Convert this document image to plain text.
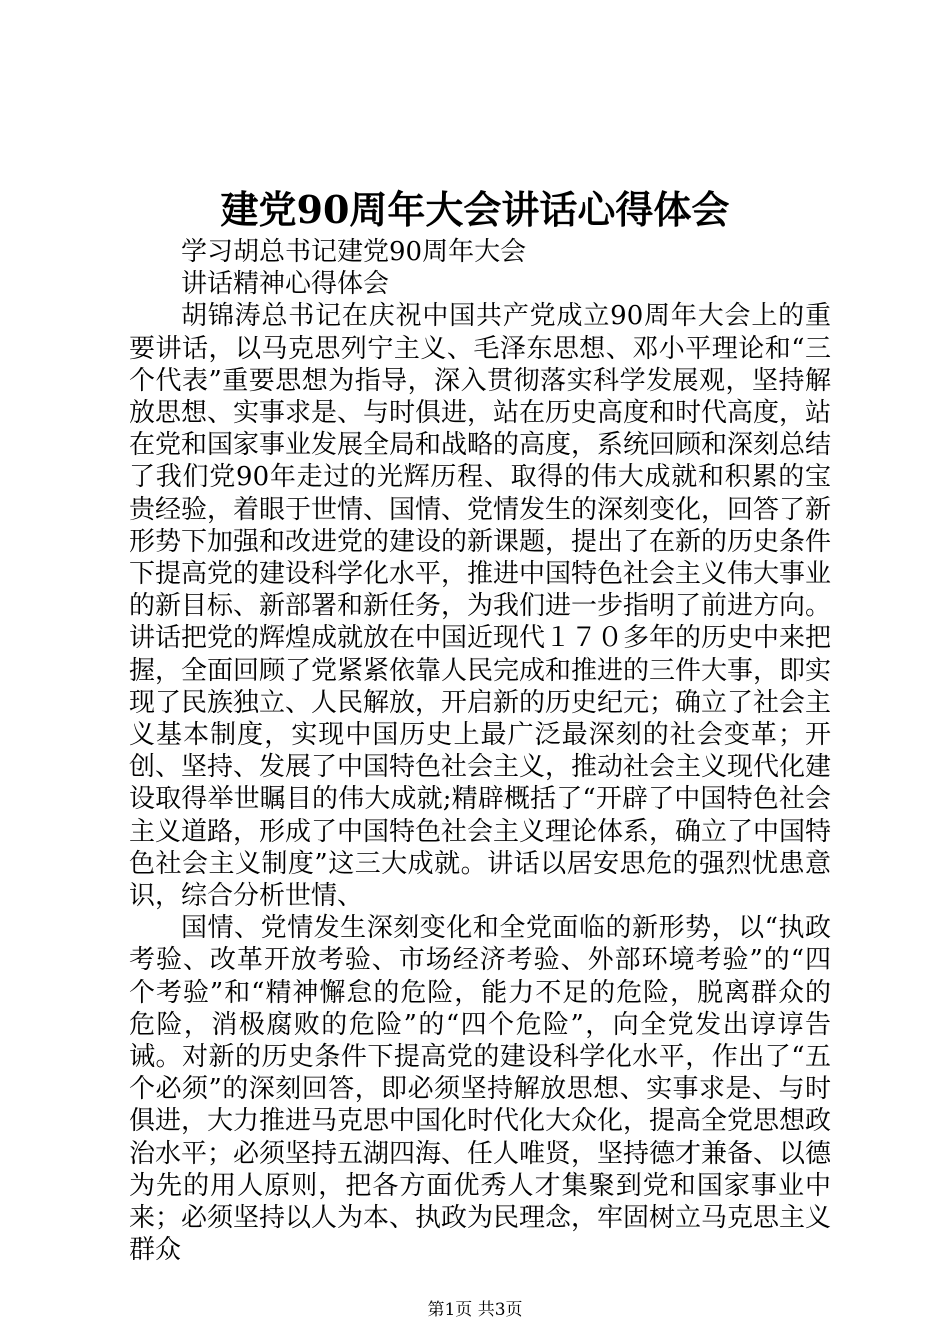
建党90周年大会讲话心得体会

学习胡总书记建党90周年大会

讲话精神心得体会

胡锦涛总书记在庆祝中国共产党成立90周年大会上的重要讲话，以马克思列宁主义、毛泽东思想、邓小平理论和“三个代表”重要思想为指导，深入贯彻落实科学发展观，坚持解放思想、实事求是、与时俱进，站在历史高度和时代高度，站在党和国家事业发展全局和战略的高度，系统回顾和深刻总结了我们党90年走过的光辉历程、取得的伟大成就和积累的宝贵经验，着眼于世情、国情、党情发生的深刻变化，回答了新形势下加强和改进党的建设的新课题，提出了在新的历史条件下提高党的建设科学化水平，推进中国特色社会主义伟大事业的新目标、新部署和新任务，为我们进一步指明了前进方向。讲话把党的辉煌成就放在中国近现代１７０多年的历史中来把握，全面回顾了党紧紧依靠人民完成和推进的三件大事，即实现了民族独立、人民解放，开启新的历史纪元；确立了社会主义基本制度，实现中国历史上最广泛最深刻的社会变革；开创、坚持、发展了中国特色社会主义，推动社会主义现代化建设取得举世瞩目的伟大成就;精辟概括了“开辟了中国特色社会主义道路，形成了中国特色社会主义理论体系，确立了中国特色社会主义制度”这三大成就。讲话以居安思危的强烈忧患意识，综合分析世情、

国情、党情发生深刻变化和全党面临的新形势，以“执政考验、改革开放考验、市场经济考验、外部环境考验”的“四个考验”和“精神懈怠的危险，能力不足的危险，脱离群众的危险，消极腐败的危险”的“四个危险”，向全党发出谆谆告诫。对新的历史条件下提高党的建设科学化水平，作出了“五个必须”的深刻回答，即必须坚持解放思想、实事求是、与时俱进，大力推进马克思中国化时代化大众化，提高全党思想政治水平；必须坚持五湖四海、任人唯贤，坚持德才兼备、以德为先的用人原则，把各方面优秀人才集聚到党和国家事业中来；必须坚持以人为本、执政为民理念，牢固树立马克思主义群众

第1页 共3页
